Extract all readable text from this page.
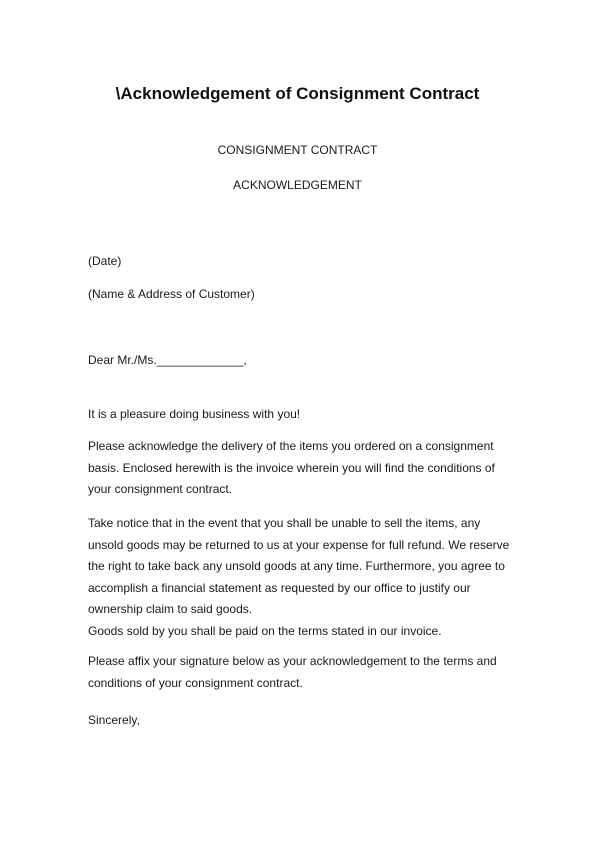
\Acknowledgement of Consignment Contract
CONSIGNMENT CONTRACT
ACKNOWLEDGEMENT
(Date)
(Name & Address of Customer)
Dear Mr./Ms._____________,
It is a pleasure doing business with you!
Please acknowledge the delivery of the items you ordered on a consignment
basis. Enclosed herewith is the invoice wherein you will find the conditions of
your consignment contract.
Take notice that in the event that you shall be unable to sell the items, any
unsold goods may be returned to us at your expense for full refund. We reserve
the right to take back any unsold goods at any time. Furthermore, you agree to
accomplish a financial statement as requested by our office to justify our
ownership claim to said goods.
Goods sold by you shall be paid on the terms stated in our invoice.
Please affix your signature below as your acknowledgement to the terms and
conditions of your consignment contract.
Sincerely,
